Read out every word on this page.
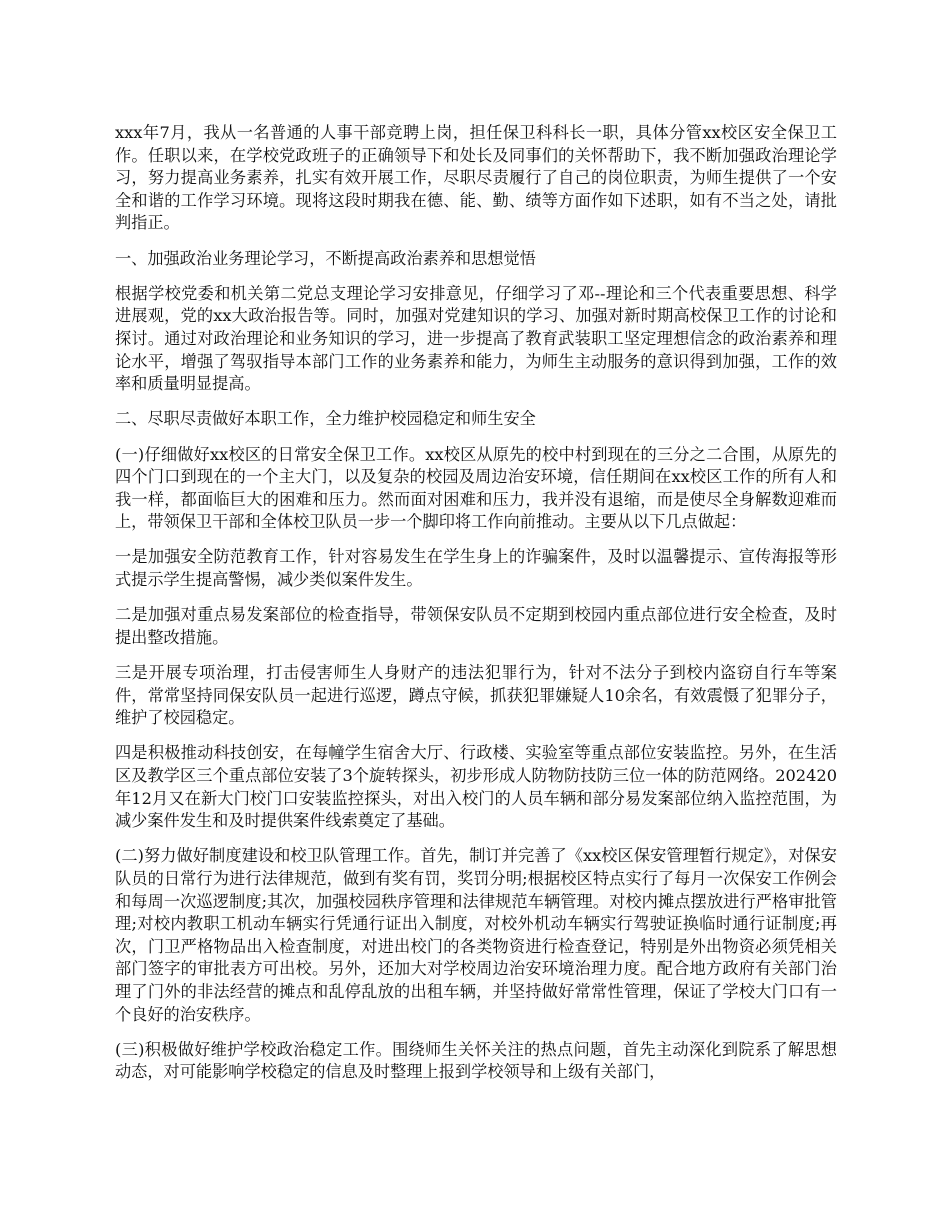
xxx年7月，我从一名普通的人事干部竞聘上岗，担任保卫科科长一职，具体分管xx校区安全保卫工作。任职以来，在学校党政班子的正确领导下和处长及同事们的关怀帮助下，我不断加强政治理论学习，努力提高业务素养，扎实有效开展工作，尽职尽责履行了自己的岗位职责，为师生提供了一个安全和谐的工作学习环境。现将这段时期我在德、能、勤、绩等方面作如下述职，如有不当之处，请批判指正。

一、加强政治业务理论学习，不断提高政治素养和思想觉悟

根据学校党委和机关第二党总支理论学习安排意见，仔细学习了邓--理论和三个代表重要思想、科学进展观，党的xx大政治报告等。同时，加强对党建知识的学习、加强对新时期高校保卫工作的讨论和探讨。通过对政治理论和业务知识的学习，进一步提高了教育武装职工坚定理想信念的政治素养和理论水平，增强了驾驭指导本部门工作的业务素养和能力，为师生主动服务的意识得到加强，工作的效率和质量明显提高。

二、尽职尽责做好本职工作，全力维护校园稳定和师生安全

(一)仔细做好xx校区的日常安全保卫工作。xx校区从原先的校中村到现在的三分之二合围，从原先的四个门口到现在的一个主大门，以及复杂的校园及周边治安环境，信任期间在xx校区工作的所有人和我一样，都面临巨大的困难和压力。然而面对困难和压力，我并没有退缩，而是使尽全身解数迎难而上，带领保卫干部和全体校卫队员一步一个脚印将工作向前推动。主要从以下几点做起：

一是加强安全防范教育工作，针对容易发生在学生身上的诈骗案件，及时以温馨提示、宣传海报等形式提示学生提高警惕，减少类似案件发生。

二是加强对重点易发案部位的检查指导，带领保安队员不定期到校园内重点部位进行安全检查，及时提出整改措施。

三是开展专项治理，打击侵害师生人身财产的违法犯罪行为，针对不法分子到校内盗窃自行车等案件，常常坚持同保安队员一起进行巡逻，蹲点守候，抓获犯罪嫌疑人10余名，有效震慑了犯罪分子，维护了校园稳定。

四是积极推动科技创安，在每幢学生宿舍大厅、行政楼、实验室等重点部位安装监控。另外，在生活区及教学区三个重点部位安装了3个旋转探头，初步形成人防物防技防三位一体的防范网络。202420年12月又在新大门校门口安装监控探头，对出入校门的人员车辆和部分易发案部位纳入监控范围，为减少案件发生和及时提供案件线索奠定了基础。

(二)努力做好制度建设和校卫队管理工作。首先，制订并完善了《xx校区保安管理暂行规定》，对保安队员的日常行为进行法律规范，做到有奖有罚，奖罚分明;根据校区特点实行了每月一次保安工作例会和每周一次巡逻制度;其次，加强校园秩序管理和法律规范车辆管理。对校内摊点摆放进行严格审批管理;对校内教职工机动车辆实行凭通行证出入制度，对校外机动车辆实行驾驶证换临时通行证制度;再次，门卫严格物品出入检查制度，对进出校门的各类物资进行检查登记，特别是外出物资必须凭相关部门签字的审批表方可出校。另外，还加大对学校周边治安环境治理力度。配合地方政府有关部门治理了门外的非法经营的摊点和乱停乱放的出租车辆，并坚持做好常常性管理，保证了学校大门口有一个良好的治安秩序。

(三)积极做好维护学校政治稳定工作。围绕师生关怀关注的热点问题，首先主动深化到院系了解思想动态，对可能影响学校稳定的信息及时整理上报到学校领导和上级有关部门，
